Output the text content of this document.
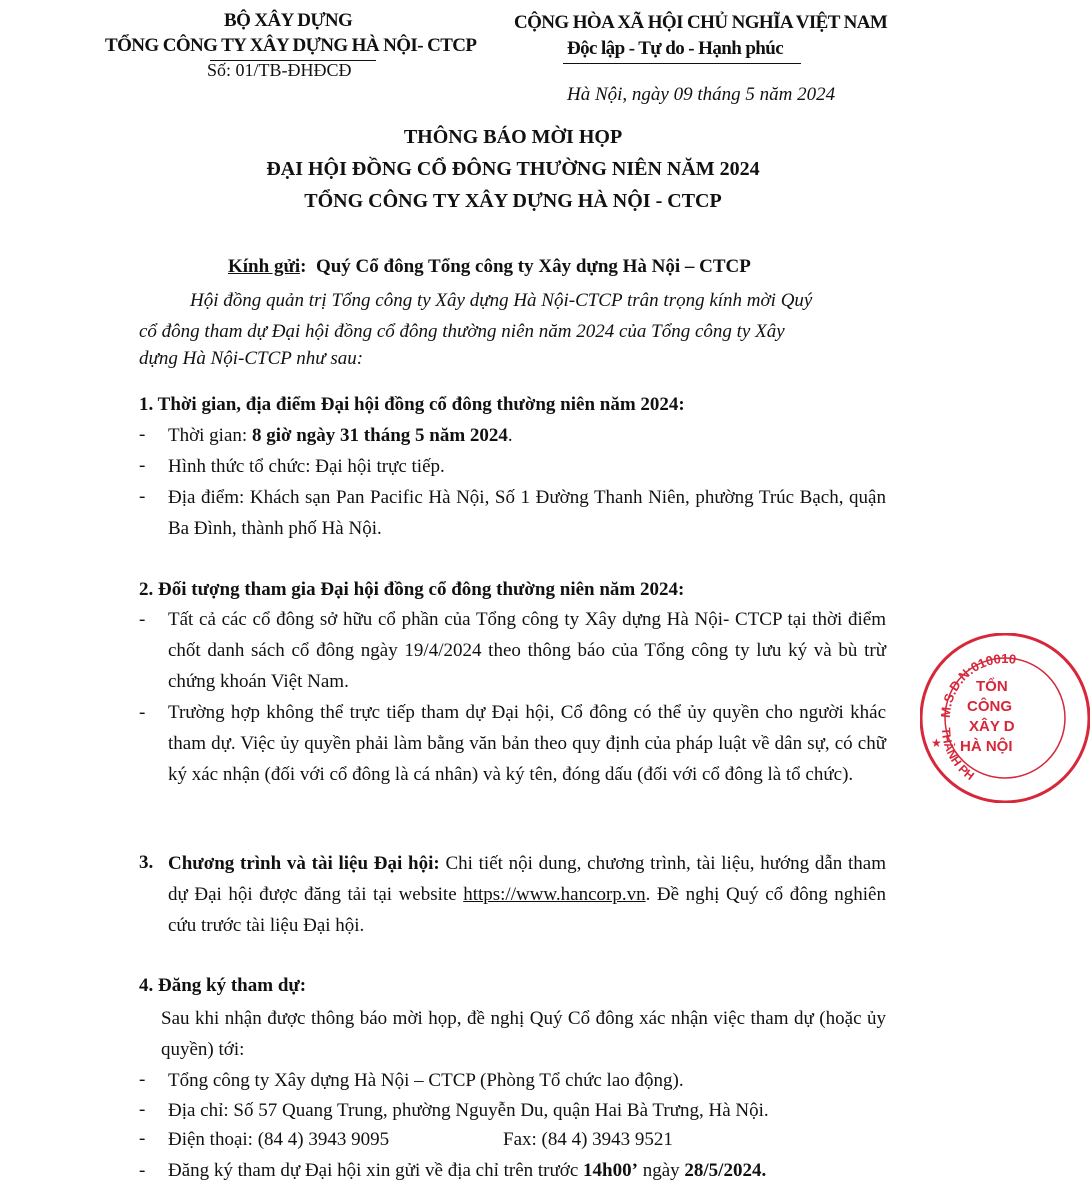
BỘ XÂY DỰNG
TỔNG CÔNG TY XÂY DỰNG HÀ NỘI- CTCP
Số: 01/TB-ĐHĐCĐ
CỘNG HÒA XÃ HỘI CHỦ NGHĨA VIỆT NAM
Độc lập - Tự do - Hạnh phúc
Hà Nội, ngày 09 tháng 5 năm 2024
THÔNG BÁO MỜI HỌP
ĐẠI HỘI ĐỒNG CỔ ĐÔNG THƯỜNG NIÊN NĂM 2024
TỔNG CÔNG TY XÂY DỰNG HÀ NỘI - CTCP
Kính gửi: Quý Cổ đông Tổng công ty Xây dựng Hà Nội – CTCP
Hội đồng quản trị Tổng công ty Xây dựng Hà Nội-CTCP trân trọng kính mời Quý
cổ đông tham dự Đại hội đồng cổ đông thường niên năm 2024 của Tổng công ty Xây
dựng Hà Nội-CTCP như sau:
1. Thời gian, địa điểm Đại hội đồng cổ đông thường niên năm 2024:
- Thời gian: 8 giờ ngày 31 tháng 5 năm 2024.
- Hình thức tổ chức: Đại hội trực tiếp.
- Địa điểm: Khách sạn Pan Pacific Hà Nội, Số 1 Đường Thanh Niên, phường Trúc Bạch, quận Ba Đình, thành phố Hà Nội.
2. Đối tượng tham gia Đại hội đồng cổ đông thường niên năm 2024:
- Tất cả các cổ đông sở hữu cổ phần của Tổng công ty Xây dựng Hà Nội- CTCP tại thời điểm chốt danh sách cổ đông ngày 19/4/2024 theo thông báo của Tổng công ty lưu ký và bù trừ chứng khoán Việt Nam.
- Trường hợp không thể trực tiếp tham dự Đại hội, Cổ đông có thể ủy quyền cho người khác tham dự. Việc ủy quyền phải làm bằng văn bản theo quy định của pháp luật về dân sự, có chữ ký xác nhận (đối với cổ đông là cá nhân) và ký tên, đóng dấu (đối với cổ đông là tổ chức).
3. Chương trình và tài liệu Đại hội: Chi tiết nội dung, chương trình, tài liệu, hướng dẫn tham dự Đại hội được đăng tải tại website https://www.hancorp.vn. Đề nghị Quý cổ đông nghiên cứu trước tài liệu Đại hội.
4. Đăng ký tham dự:
Sau khi nhận được thông báo mời họp, đề nghị Quý Cổ đông xác nhận việc tham dự (hoặc ủy quyền) tới:
- Tổng công ty Xây dựng Hà Nội – CTCP (Phòng Tổ chức lao động).
- Địa chỉ: Số 57 Quang Trung, phường Nguyễn Du, quận Hai Bà Trưng, Hà Nội.
- Điện thoại: (84 4) 3943 9095	Fax: (84 4) 3943 9521
- Đăng ký tham dự Đại hội xin gửi về địa chỉ trên trước 14h00’ ngày 28/5/2024.
M.S.D.N:010010
THÀNH PH
★
TỔN
CÔNG
XÂY D
HÀ NỘI
